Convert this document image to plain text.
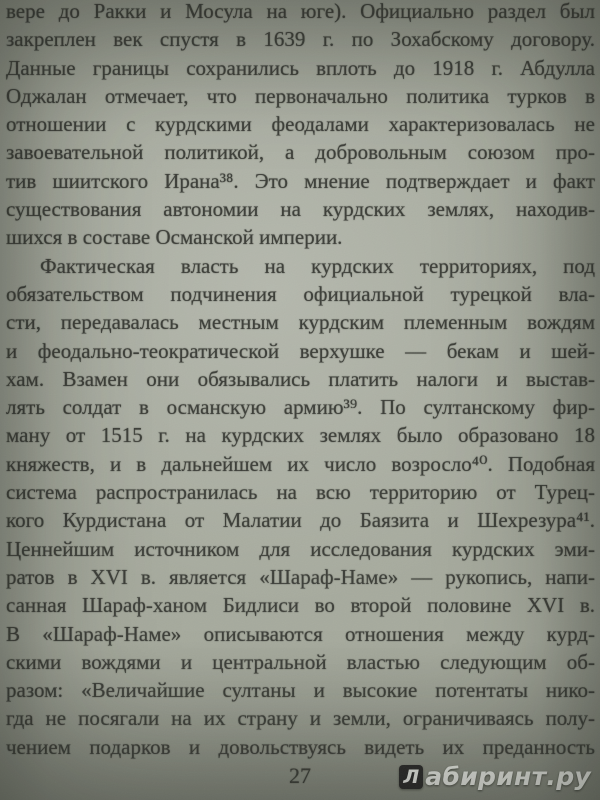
вере до Ракки и Мосула на юге). Официально раздел был
закреплен век спустя в 1639 г. по Зохабскому договору.
Данные границы сохранились вплоть до 1918 г. Абдулла
Оджалан отмечает, что первоначально политика турков в
отношении с курдскими феодалами характеризовалась не
завоевательной политикой, а добровольным союзом про-
тив шиитского Ирана³⁸. Это мнение подтверждает и факт
существования автономии на курдских землях, находив-
шихся в составе Османской империи.
Фактическая власть на курдских территориях, под
обязательством подчинения официальной турецкой вла-
сти, передавалась местным курдским племенным вождям
и феодально-теократической верхушке — бекам и шей-
хам. Взамен они обязывались платить налоги и выстав-
лять солдат в османскую армию³⁹. По султанскому фир-
ману от 1515 г. на курдских землях было образовано 18
княжеств, и в дальнейшем их число возросло⁴⁰. Подобная
система распространилась на всю территорию от Турец-
кого Курдистана от Малатии до Баязита и Шехрезура⁴¹.
Ценнейшим источником для исследования курдских эми-
ратов в XVI в. является «Шараф-Наме» — рукопись, напи-
санная Шараф-ханом Бидлиси во второй половине XVI в.
В «Шараф-Наме» описываются отношения между курд-
скими вождями и центральной властью следующим об-
разом: «Величайшие султаны и высокие потентаты нико-
гда не посягали на их страну и земли, ограничиваясь полу-
чением подарков и довольствуясь видеть их преданность
27	Л абиринт.ру
